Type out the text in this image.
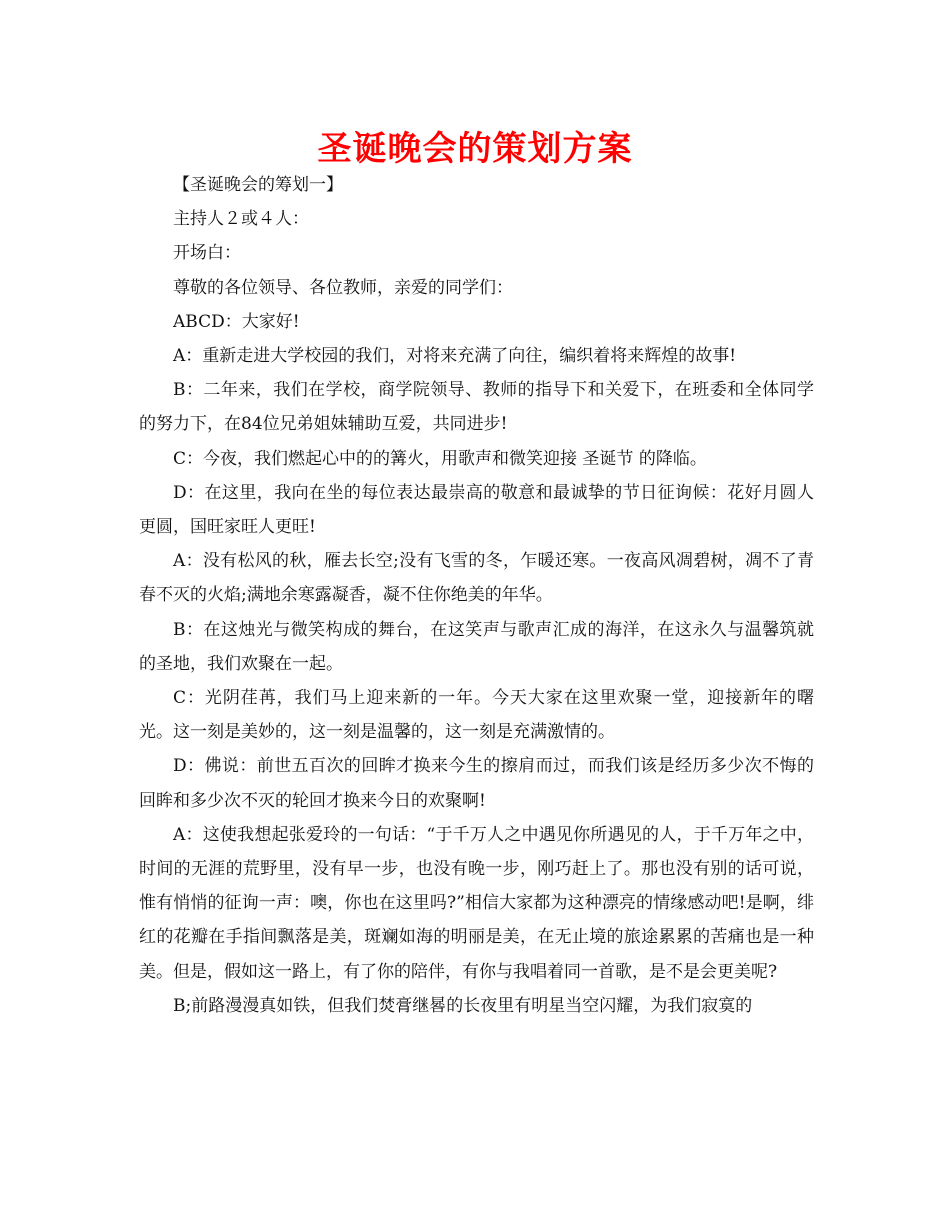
圣诞晚会的策划方案

【圣诞晚会的筹划一】

主持人２或４人：

开场白：

尊敬的各位领导、各位教师，亲爱的同学们：

ABCD：大家好!

A：重新走进大学校园的我们，对将来充满了向往，编织着将来辉煌的故事!

B：二年来，我们在学校，商学院领导、教师的指导下和关爱下，在班委和全体同学的努力下，在84位兄弟姐妹辅助互爱，共同进步!

C：今夜，我们燃起心中的的篝火，用歌声和微笑迎接 圣诞节 的降临。

D：在这里，我向在坐的每位表达最崇高的敬意和最诚挚的节日征询候：花好月圆人更圆，国旺家旺人更旺!

A：没有松风的秋，雁去长空;没有飞雪的冬，乍暖还寒。一夜高风凋碧树，凋不了青春不灭的火焰;满地余寒露凝香，凝不住你绝美的年华。

B：在这烛光与微笑构成的舞台，在这笑声与歌声汇成的海洋，在这永久与温馨筑就的圣地，我们欢聚在一起。

C：光阴荏苒，我们马上迎来新的一年。今天大家在这里欢聚一堂，迎接新年的曙光。这一刻是美妙的，这一刻是温馨的，这一刻是充满激情的。

D：佛说：前世五百次的回眸才换来今生的擦肩而过，而我们该是经历多少次不悔的回眸和多少次不灭的轮回才换来今日的欢聚啊!

A：这使我想起张爱玲的一句话：“于千万人之中遇见你所遇见的人，于千万年之中，时间的无涯的荒野里，没有早一步，也没有晚一步，刚巧赶上了。那也没有别的话可说，惟有悄悄的征询一声：噢，你也在这里吗?”相信大家都为这种漂亮的情缘感动吧!是啊，绯红的花瓣在手指间飘落是美，斑斓如海的明丽是美，在无止境的旅途累累的苦痛也是一种美。但是，假如这一路上，有了你的陪伴，有你与我唱着同一首歌，是不是会更美呢?

B;前路漫漫真如铁，但我们焚膏继晷的长夜里有明星当空闪耀，为我们寂寞的
